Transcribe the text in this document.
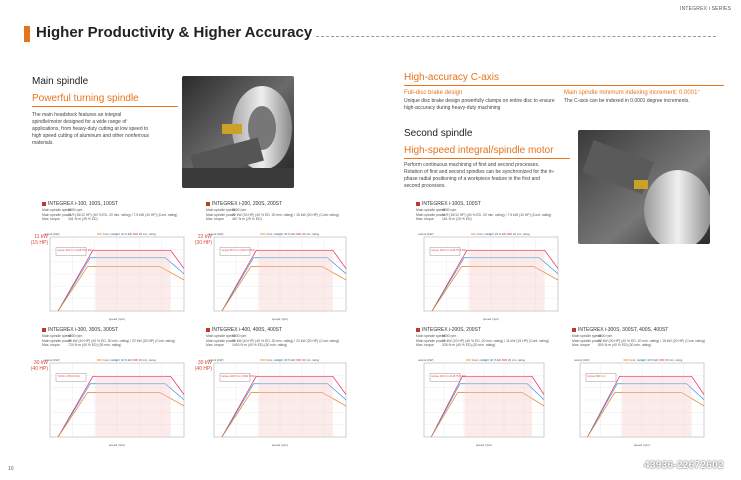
INTEGREX i SERIES
Higher Productivity & Higher Accuracy
Main spindle
Powerful turning spindle
The main headstock features an integral spindle/motor designed for a wide range of applications, from heavy-duty cutting at low speed to high speed cutting of aluminum and other nonferrous materials.
High-accuracy C-axis
Full-disc brake design
Unique disc brake design powerfully clamps on entire disc to ensure high-accuracy during heavy-duty machining
Main spindle minimum indexing increment: 0.0001°
The C-axis can be indexed in 0.0001 degree increments.
Second spindle
High-speed integral/spindle motor
Perform continuous machining of first and second processes. Rotation of first and second spindles can be synchronized for the in-phase radial positioning of a workpiece feature in the first and second processes.
INTEGREX i-100, 100S, 100ST
Main spindle speed6000 rpm
Main spindle power11/9 (15/12 HP) (40 % ED, 20 min. rating) / 7.5 kW (10 HP) (Cont. rating)
Max. torque 161 N·m (25 % ED)
11 kW
(15 HP)
output (kW)
speed (rpm)
Cont. rating 40 % ED 20 min. rating
torque 161 N·m (118.75 ft·lbs)
INTEGREX i-200, 200S, 200ST
Main spindle speed5000 rpm
Main spindle power22 kW (30 HP) (40 % ED, 30 min. rating) / 15 kW (20 HP) (Cont. rating)
Max. torque 467 N·m (25 % ED)
22 kW
(30 HP)
output (kW)
speed (rpm)
Cont. rating 40 % ED 30 min. rating
torque 467 N·m (344.5 ft·lbs)
INTEGREX i-100S, 100ST
Main spindle speed6000 rpm
Main spindle power11/9 (15/12 HP) (40 % ED, 20 min. rating) / 7.5 kW (10 HP) (Cont. rating)
Max. torque 161 N·m (25 % ED)
output (kW)
speed (rpm)
Cont. rating 40 % ED 20 min. rating
torque 161 N·m (118.75 ft·lbs)
INTEGREX i-300, 300S, 300ST
Main spindle speed4000 rpm
Main spindle power30 kW (40 HP) (40 % ED, 30 min. rating) / 22 kW (30 HP) (Cont. rating)
Max. torque 724 N·m (40 % ED) (30 min. rating)
30 kW
(40 HP)
output (kW)
speed (rpm)
Cont. rating 40 % ED 30 min. rating
724N·m (534 ft·lbs)
INTEGREX i-400, 400S, 400ST
Main spindle speed3300 rpm
Main spindle power30 kW (40 HP) (40 % ED, 30 min. rating) / 22 kW (30 HP) (Cont. rating)
Max. torque 1400 N·m (40 % ED) (30 min. rating)
30 kW
(40 HP)
output (kW)
speed (rpm)
Cont. rating 40 % ED 30 min. rating
torque 1400 N·m (1032 ft·lbs)
INTEGREX i-200S, 200ST
Main spindle speed6000 rpm
Main spindle power15 kW (20 HP) (40 % ED, 20 min. rating) / 11 kW (15 HP) (Cont. rating)
Max. torque 326 N·m (40 % ED) (20 min. rating)
output (kW)
speed (rpm)
Cont. rating 40 % ED 20 min. rating
torque 161 N·m (118.75 ft·lbs)
INTEGREX i-300S, 300ST, 400S, 400ST
Main spindle speed4000 rpm
Main spindle power22 kW (30 HP) (40 % ED, 20 min. rating) / 15 kW (20 HP) (Cont. rating)
Max. torque 800 N·m (40 % ED) (30 min. rating)
output (kW)
speed (rpm)
Cont. rating 40 % ED 30 min. rating
torque 590 N·m
10	43936-22672602
